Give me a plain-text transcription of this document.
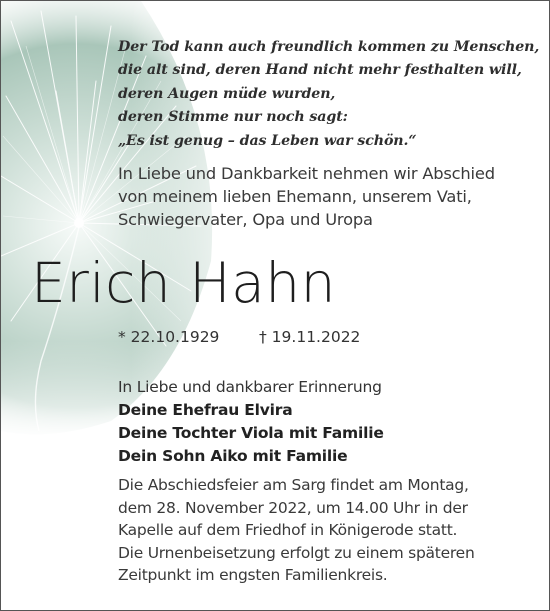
Der Tod kann auch freundlich kommen zu Menschen,
die alt sind, deren Hand nicht mehr festhalten will,
deren Augen müde wurden,
deren Stimme nur noch sagt:
„Es ist genug – das Leben war schön.“
In Liebe und Dankbarkeit nehmen wir Abschied
von meinem lieben Ehemann, unserem Vati,
Schwiegervater, Opa und Uropa
Erich Hahn
* 22.10.1929	† 19.11.2022
In Liebe und dankbarer Erinnerung
Deine Ehefrau Elvira
Deine Tochter Viola mit Familie
Dein Sohn Aiko mit Familie
Die Abschiedsfeier am Sarg findet am Montag,
dem 28. November 2022, um 14.00 Uhr in der
Kapelle auf dem Friedhof in Königerode statt.
Die Urnenbeisetzung erfolgt zu einem späteren
Zeitpunkt im engsten Familienkreis.
